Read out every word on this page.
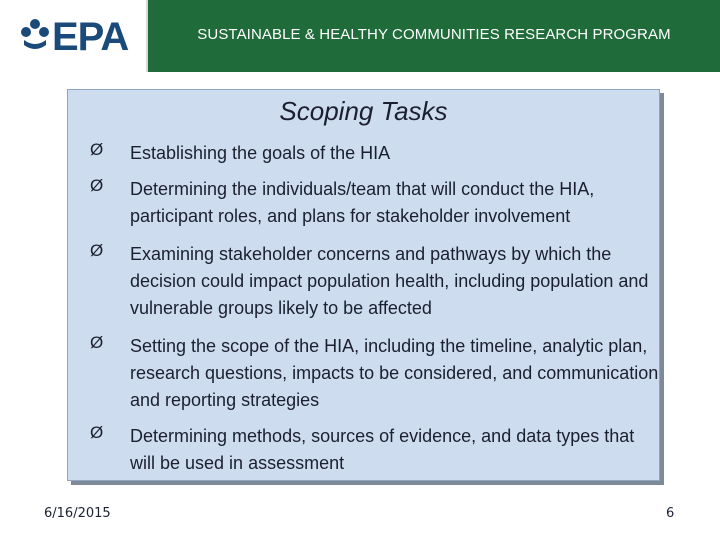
EPA	SUSTAINABLE & HEALTHY COMMUNITIES RESEARCH PROGRAM
Scoping Tasks
Ø Establishing the goals of the HIA
Ø Determining the individuals/team that will conduct the HIA, participant roles, and plans for stakeholder involvement
Ø Examining stakeholder concerns and pathways by which the decision could impact population health, including population and vulnerable groups likely to be affected
Ø Setting the scope of the HIA, including the timeline, analytic plan, research questions, impacts to be considered, and communication and reporting strategies
Ø Determining methods, sources of evidence, and data types that will be used in assessment
6/16/2015	6
